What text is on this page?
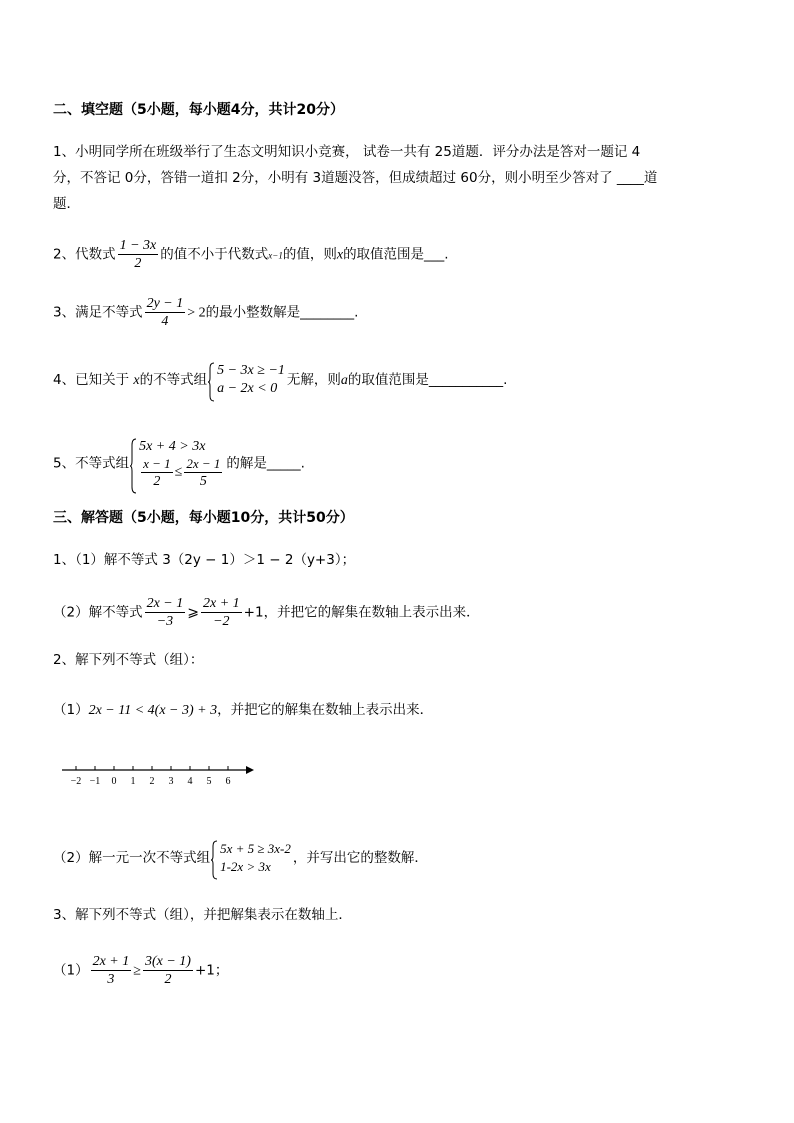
二、填空题（5小题，每小题4分，共计20分）
1、小明同学所在班级举行了生态文明知识小竞赛， 试卷一共有 25道题．评分办法是答对一题记 4
分，不答记 0分，答错一道扣 2分，小明有 3道题没答，但成绩超过 60分，则小明至少答对了 ____道
题．
2、代数式 $\frac{1 - 3x}{2}$ 的值不小于代数式x−1的值，则x的取值范围是___.
3、满足不等式 $\frac{2y - 1}{4} > 2$的最小整数解是________.
4、已知关于 x的不等式组
5 − 3x ≥ −1
a − 2x < 0
无解，则a的取值范围是___________.
5、不等式组
5x + 4 > 3x
$\frac{x - 1}{2} \le \frac{2x - 1}{5}$ 的解是_____.
三、解答题（5小题，每小题10分，共计50分）
1、（1）解不等式 3（2y − 1）＞1 − 2（y+3）；
（2）解不等式 $\frac{2x - 1}{-3}$ ⩾ $\frac{2x + 1}{-2} +1$，并把它的解集在数轴上表示出来．
2、解下列不等式（组）：
（1）2x − 11 < 4(x − 3) + 3，并把它的解集在数轴上表示出来．
−2 −1 0 1 2 3 4 5 6
（2）解一元一次不等式组
5x + 5 ≥ 3x-2
1-2x > 3x
，并写出它的整数解．
3、解下列不等式（组），并把解集表示在数轴上．
$(1) \frac{2x + 1}{3} \ge \frac{3(x - 1)}{2} +1$；
